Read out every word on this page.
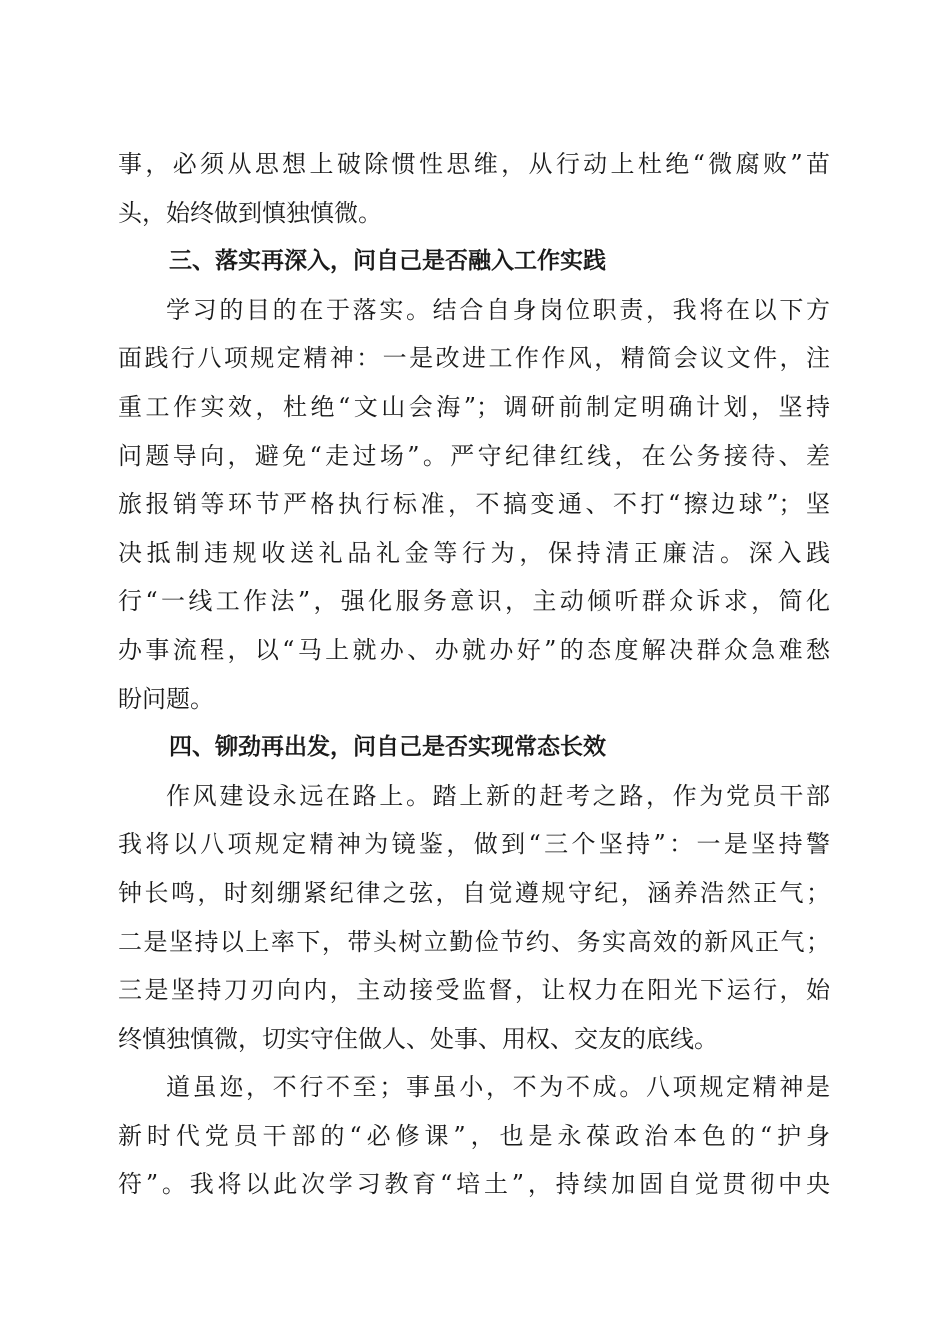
事，必须从思想上破除惯性思维，从行动上杜绝“微腐败”苗
头，始终做到慎独慎微。
三、落实再深入，问自己是否融入工作实践
学习的目的在于落实。结合自身岗位职责，我将在以下方
面践行八项规定精神：一是改进工作作风，精简会议文件，注
重工作实效，杜绝“文山会海”；调研前制定明确计划，坚持
问题导向，避免“走过场”。严守纪律红线，在公务接待、差
旅报销等环节严格执行标准，不搞变通、不打“擦边球”；坚
决抵制违规收送礼品礼金等行为，保持清正廉洁。深入践
行“一线工作法”，强化服务意识，主动倾听群众诉求，简化
办事流程，以“马上就办、办就办好”的态度解决群众急难愁
盼问题。
四、铆劲再出发，问自己是否实现常态长效
作风建设永远在路上。踏上新的赶考之路，作为党员干部
我将以八项规定精神为镜鉴，做到“三个坚持”：一是坚持警
钟长鸣，时刻绷紧纪律之弦，自觉遵规守纪，涵养浩然正气；
二是坚持以上率下，带头树立勤俭节约、务实高效的新风正气；
三是坚持刀刃向内，主动接受监督，让权力在阳光下运行，始
终慎独慎微，切实守住做人、处事、用权、交友的底线。
道虽迩，不行不至；事虽小，不为不成。八项规定精神是
新时代党员干部的“必修课”，也是永葆政治本色的“护身
符”。我将以此次学习教育“培土”，持续加固自觉贯彻中央
